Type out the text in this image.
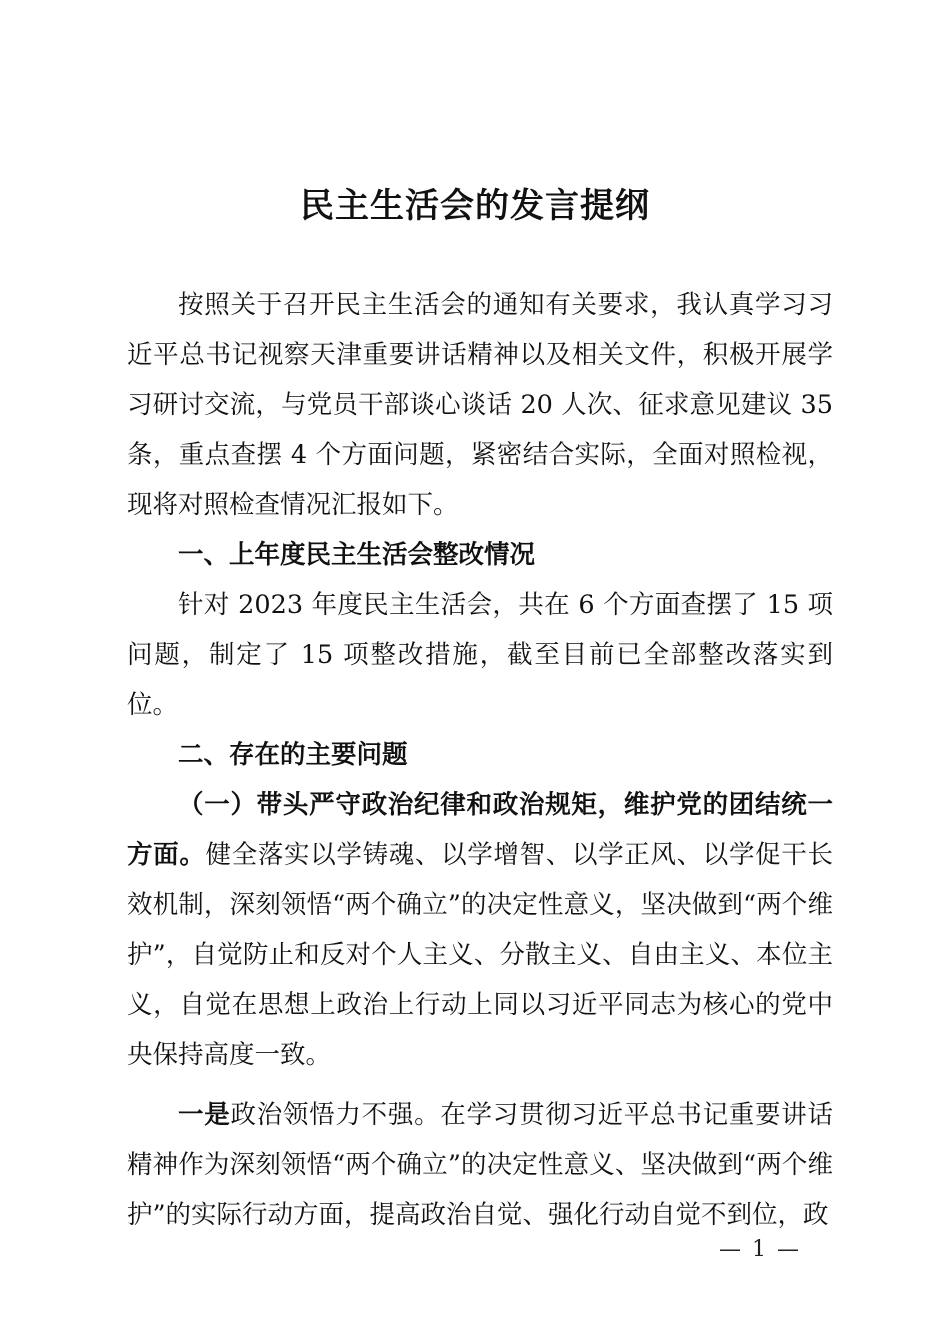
民主生活会的发言提纲

按照关于召开民主生活会的通知有关要求，我认真学习习近平总书记视察天津重要讲话精神以及相关文件，积极开展学习研讨交流，与党员干部谈心谈话 20 人次、征求意见建议 35 条，重点查摆 4 个方面问题，紧密结合实际，全面对照检视，现将对照检查情况汇报如下。

一、上年度民主生活会整改情况

针对 2023 年度民主生活会，共在 6 个方面查摆了 15 项问题，制定了 15 项整改措施，截至目前已全部整改落实到位。

二、存在的主要问题

（一）带头严守政治纪律和政治规矩，维护党的团结统一方面。健全落实以学铸魂、以学增智、以学正风、以学促干长效机制，深刻领悟“两个确立”的决定性意义，坚决做到“两个维护”，自觉防止和反对个人主义、分散主义、自由主义、本位主义，自觉在思想上政治上行动上同以习近平同志为核心的党中央保持高度一致。

一是政治领悟力不强。在学习贯彻习近平总书记重要讲话精神作为深刻领悟“两个确立”的决定性意义、坚决做到“两个维护”的实际行动方面，提高政治自觉、强化行动自觉不到位，政

— 1 —
